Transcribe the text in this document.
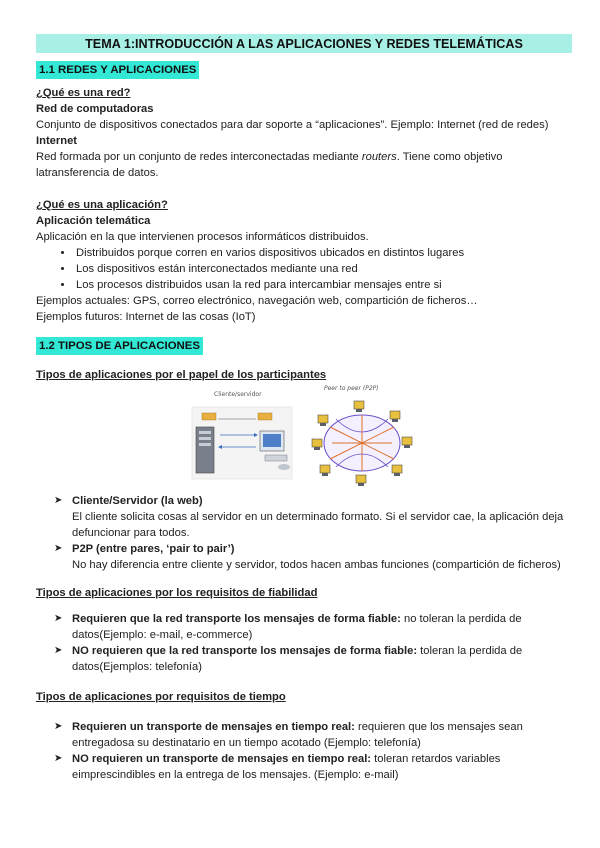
TEMA 1:INTRODUCCIÓN A LAS APLICACIONES Y REDES TELEMÁTICAS
1.1 REDES Y APLICACIONES
¿Qué es una red?
Red de computadoras

Conjunto de dispositivos conectados para dar soporte a “aplicaciones”. Ejemplo: Internet (red de redes)

Internet

Red formada por un conjunto de redes interconectadas mediante routers. Tiene como objetivo latransferencia de datos.

¿Qué es una aplicación?
Aplicación telemática

Aplicación en la que intervienen procesos informáticos distribuidos.

• Distribuidos porque corren en varios dispositivos ubicados en distintos lugares
• Los dispositivos están interconectados mediante una red
• Los procesos distribuidos usan la red para intercambiar mensajes entre si

Ejemplos actuales: GPS, correo electrónico, navegación web, compartición de ficheros…

Ejemplos futuros: Internet de las cosas (IoT)

1.2 TIPOS DE APLICACIONES
Tipos de aplicaciones por el papel de los participantes
Cliente/servidor
Peer to peer (P2P)
➤ Cliente/Servidor (la web)

El cliente solicita cosas al servidor en un determinado formato. Si el servidor cae, la aplicación deja defuncionar para todos.

➤ P2P (entre pares, ‘pair to pair’)

No hay diferencia entre cliente y servidor, todos hacen ambas funciones (compartición de ficheros)

Tipos de aplicaciones por los requisitos de fiabilidad
➤ Requieren que la red transporte los mensajes de forma fiable: no toleran la perdida de datos(Ejemplo: e-mail, e-commerce)

➤ NO requieren que la red transporte los mensajes de forma fiable: toleran la perdida de datos(Ejemplos: telefonía)

Tipos de aplicaciones por requisitos de tiempo
➤ Requieren un transporte de mensajes en tiempo real: requieren que los mensajes sean entregadosa su destinatario en un tiempo acotado (Ejemplo: telefonía)

➤ NO requieren un transporte de mensajes en tiempo real: toleran retardos variables eimprescindibles en la entrega de los mensajes. (Ejemplo: e-mail)
